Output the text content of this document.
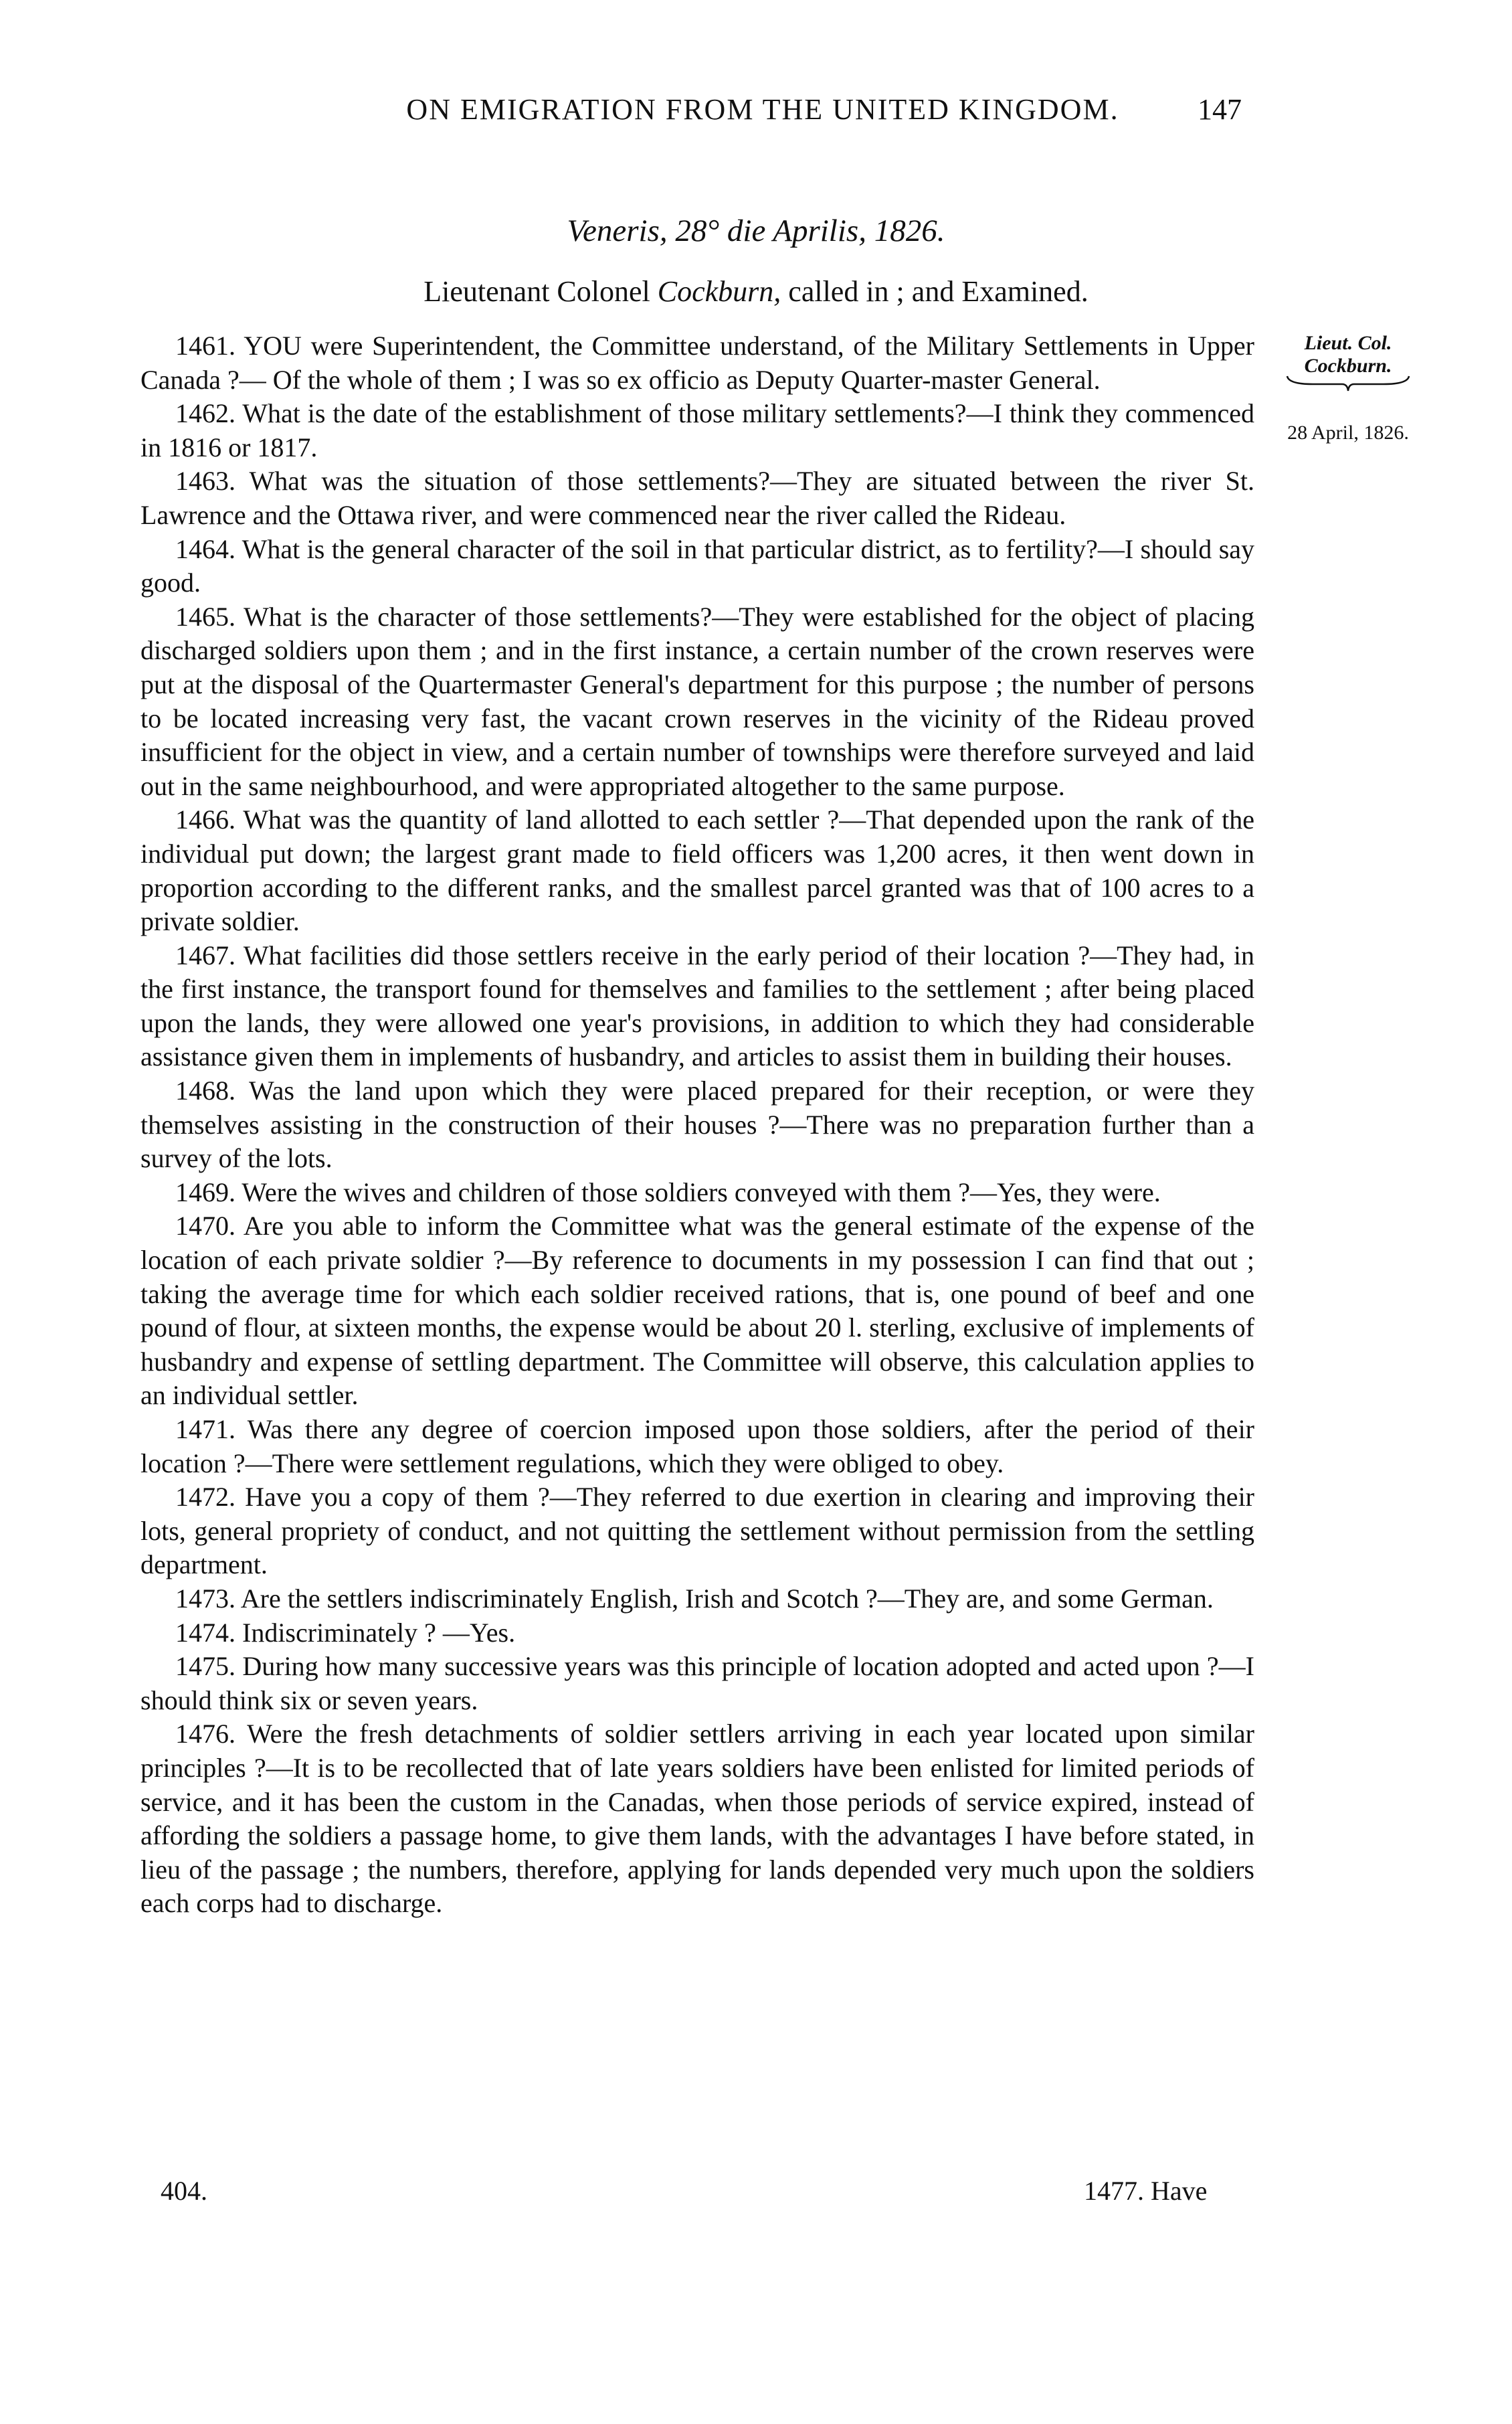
ON EMIGRATION FROM THE UNITED KINGDOM.	147
Veneris, 28° die Aprilis, 1826.
Lieutenant Colonel Cockburn, called in ; and Examined.
Lieut. Col. Cockburn.
28 April, 1826.

1461. YOU were Superintendent, the Committee understand, of the Military Settlements in Upper Canada ?— Of the whole of them ; I was so ex officio as Deputy Quarter-master General.

1462. What is the date of the establishment of those military settlements?—I think they commenced in 1816 or 1817.

1463. What was the situation of those settlements?—They are situated between the river St. Lawrence and the Ottawa river, and were commenced near the river called the Rideau.

1464. What is the general character of the soil in that particular district, as to fertility?—I should say good.

1465. What is the character of those settlements?—They were established for the object of placing discharged soldiers upon them ; and in the first instance, a certain number of the crown reserves were put at the disposal of the Quartermaster General's department for this purpose ; the number of persons to be located increasing very fast, the vacant crown reserves in the vicinity of the Rideau proved insufficient for the object in view, and a certain number of townships were therefore surveyed and laid out in the same neighbourhood, and were appropriated altogether to the same purpose.

1466. What was the quantity of land allotted to each settler ?—That depended upon the rank of the individual put down; the largest grant made to field officers was 1,200 acres, it then went down in proportion according to the different ranks, and the smallest parcel granted was that of 100 acres to a private soldier.

1467. What facilities did those settlers receive in the early period of their location ?—They had, in the first instance, the transport found for themselves and families to the settlement ; after being placed upon the lands, they were allowed one year's provisions, in addition to which they had considerable assistance given them in implements of husbandry, and articles to assist them in building their houses.

1468. Was the land upon which they were placed prepared for their reception, or were they themselves assisting in the construction of their houses ?—There was no preparation further than a survey of the lots.

1469. Were the wives and children of those soldiers conveyed with them ?—Yes, they were.

1470. Are you able to inform the Committee what was the general estimate of the expense of the location of each private soldier ?—By reference to documents in my possession I can find that out ; taking the average time for which each soldier received rations, that is, one pound of beef and one pound of flour, at sixteen months, the expense would be about 20 l. sterling, exclusive of implements of husbandry and expense of settling department. The Committee will observe, this calculation applies to an individual settler.

1471. Was there any degree of coercion imposed upon those soldiers, after the period of their location ?—There were settlement regulations, which they were obliged to obey.

1472. Have you a copy of them ?—They referred to due exertion in clearing and improving their lots, general propriety of conduct, and not quitting the settlement without permission from the settling department.

1473. Are the settlers indiscriminately English, Irish and Scotch ?—They are, and some German.

1474. Indiscriminately ? —Yes.

1475. During how many successive years was this principle of location adopted and acted upon ?—I should think six or seven years.

1476. Were the fresh detachments of soldier settlers arriving in each year located upon similar principles ?—It is to be recollected that of late years soldiers have been enlisted for limited periods of service, and it has been the custom in the Canadas, when those periods of service expired, instead of affording the soldiers a passage home, to give them lands, with the advantages I have before stated, in lieu of the passage ; the numbers, therefore, applying for lands depended very much upon the soldiers each corps had to discharge.

404.	1477. Have
